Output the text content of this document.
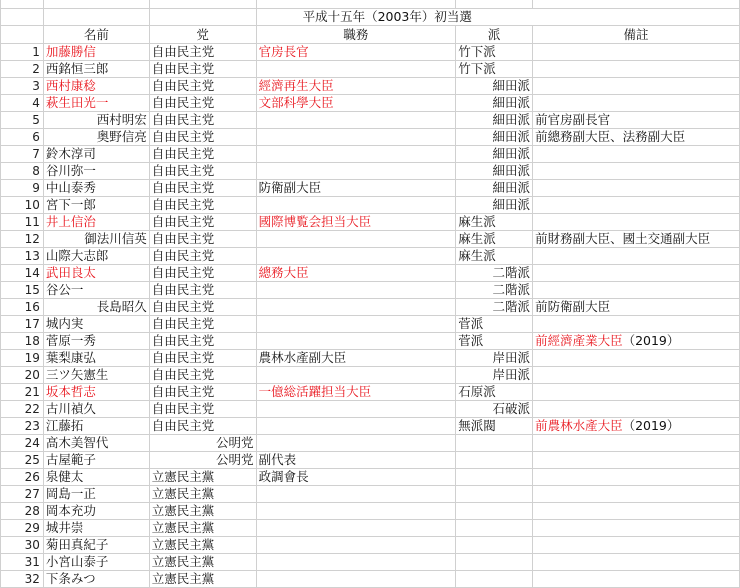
			平成十五年（2003年）初当選		
	名前	党	職務	派	備註
1	加藤勝信	自由民主党	官房長官	竹下派	
2	西銘恒三郎	自由民主党		竹下派	
3	西村康稔	自由民主党	經濟再生大臣	細田派	
4	萩生田光一	自由民主党	文部科學大臣	細田派	
5	西村明宏	自由民主党		細田派	前官房副長官
6	奥野信亮	自由民主党		細田派	前總務副大臣、法務副大臣
7	鈴木淳司	自由民主党		細田派	
8	谷川弥一	自由民主党		細田派	
9	中山泰秀	自由民主党	防衛副大臣	細田派	
10	宮下一郎	自由民主党		細田派	
11	井上信治	自由民主党	國際博覧会担当大臣	麻生派	
12	御法川信英	自由民主党		麻生派	前財務副大臣、國土交通副大臣
13	山際大志郎	自由民主党		麻生派	
14	武田良太	自由民主党	總務大臣	二階派	
15	谷公一	自由民主党		二階派	
16	長島昭久	自由民主党		二階派	前防衛副大臣
17	城内実	自由民主党		菅派	
18	菅原一秀	自由民主党		菅派	前經濟產業大臣（2019）
19	葉梨康弘	自由民主党	農林水產副大臣	岸田派	
20	三ツ矢憲生	自由民主党		岸田派	
21	坂本哲志	自由民主党	一億総活躍担当大臣	石原派	
22	古川禎久	自由民主党		石破派	
23	江藤拓	自由民主党		無派閥	前農林水產大臣（2019）
24	高木美智代	公明党			
25	古屋範子	公明党	副代表		
26	泉健太	立憲民主黨	政調會長		
27	岡島一正	立憲民主黨			
28	岡本充功	立憲民主黨			
29	城井崇	立憲民主黨			
30	菊田真紀子	立憲民主黨			
31	小宮山泰子	立憲民主黨			
32	下条みつ	立憲民主黨			
